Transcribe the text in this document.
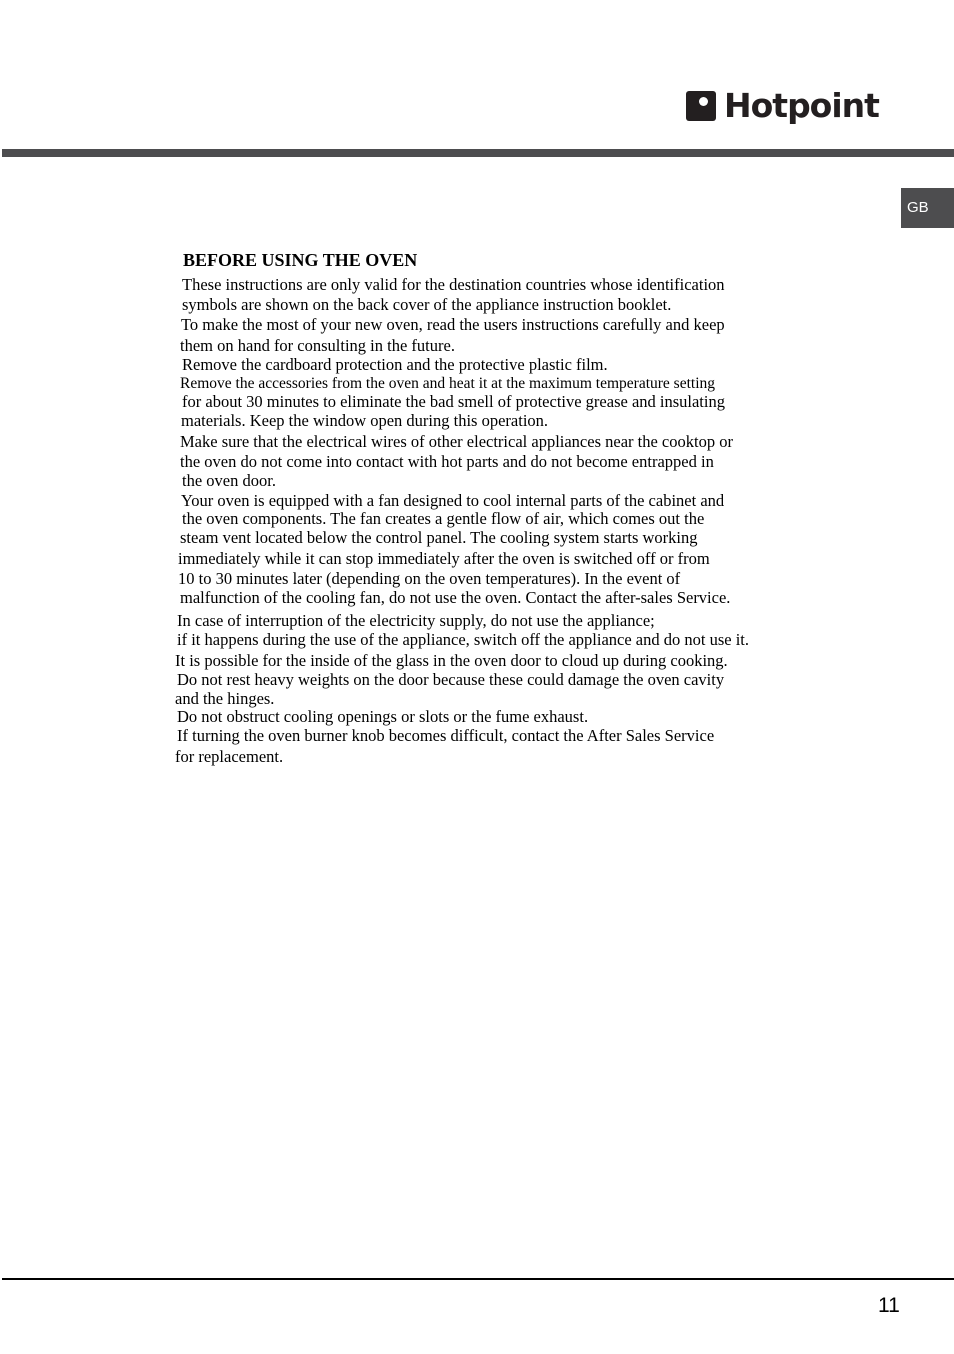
Hotpoint
GB
BEFORE USING THE OVEN
These instructions are only valid for the destination countries whose identification
symbols are shown on the back cover of the appliance instruction booklet.
To make the most of your new oven, read the users instructions carefully and keep
them on hand for consulting in the future.
Remove the cardboard protection and the protective plastic film.
Remove the accessories from the oven and heat it at the maximum temperature setting
for about 30 minutes to eliminate the bad smell of protective grease and insulating
materials. Keep the window open during this operation.
Make sure that the electrical wires of other electrical appliances near the cooktop or
the oven do not come into contact with hot parts and do not become entrapped in
the oven door.
Your oven is equipped with a fan designed to cool internal parts of the cabinet and
the oven components. The fan creates a gentle flow of air, which comes out the
steam vent located below the control panel. The cooling system starts working
immediately while it can stop immediately after the oven is switched off or from
10 to 30 minutes later (depending on the oven temperatures). In the event of
malfunction of the cooling fan, do not use the oven. Contact the after-sales Service.
In case of interruption of the electricity supply, do not use the appliance;
if it happens during the use of the appliance, switch off the appliance and do not use it.
It is possible for the inside of the glass in the oven door to cloud up during cooking.
Do not rest heavy weights on the door because these could damage the oven cavity
and the hinges.
Do not obstruct cooling openings or slots or the fume exhaust.
If turning the oven burner knob becomes difficult, contact the After Sales Service
for replacement.
11
